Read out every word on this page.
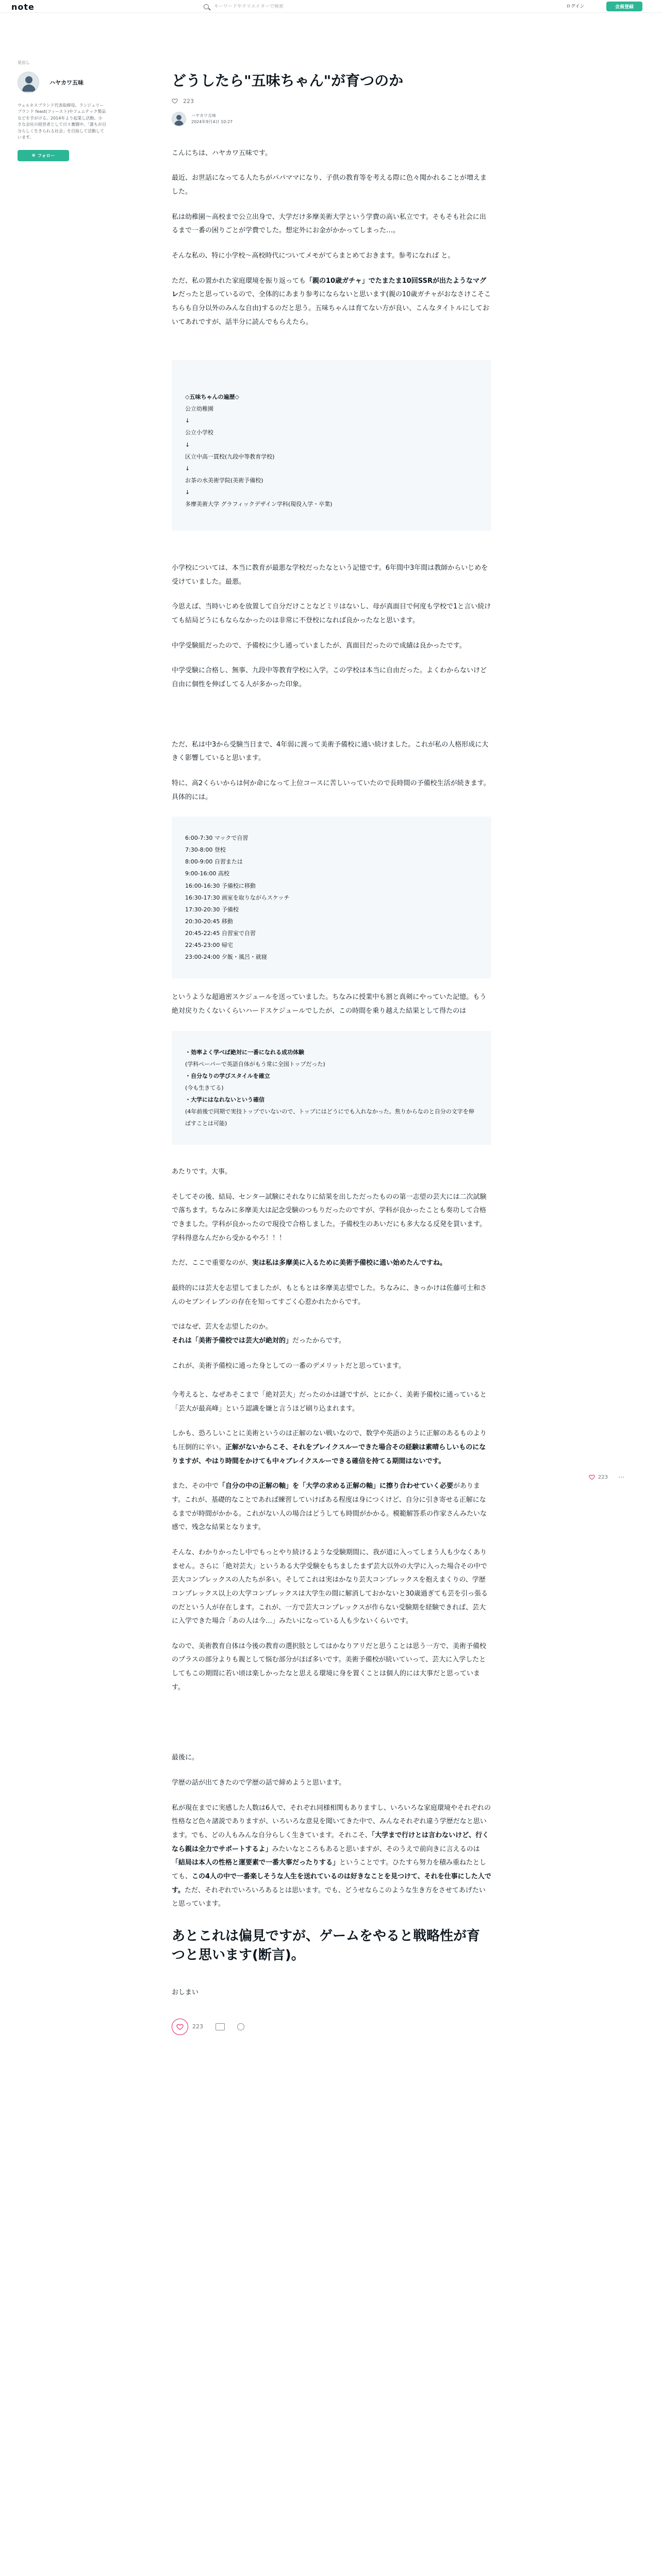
note
キーワードやクリエイターで検索	ログイン	会員登録
見出し
ハヤカワ五味
ウェルネスブランド代表取締役。ランジェリーブランド feast(フィースト)やフェムテック製品などを手がける。2014年より起業し活動。小さな会社の経営者として日々奮闘中。「誰もが自分らしく生きられる社会」を目指して活動しています。
⊕ フォロー
どうしたら"五味ちゃん"が育つのか
223
ハヤカワ五味
2024年9月4日 10:27

こんにちは、ハヤカワ五味です。

最近、お世話になってる人たちがパパママになり、子供の教育等を考える際に色々聞かれることが増えました。

私は幼稚園〜高校まで公立出身で、大学だけ多摩美術大学という学費の高い私立です。そもそも社会に出るまで一番の困りごとが学費でした。想定外にお金がかかってしまった…。

そんな私の、特に小学校〜高校時代についてメモがてらまとめておきます。参考になれば と。

ただ、私の置かれた家庭環境を振り返っても「親の10歳ガチャ」でたまたま10回SSRが出たようなマグレだったと思っているので、全体的にあまり参考にならないと思います(親の10歳ガチャがおなさけこそこちらも自分以外のみんな自由)するのだと思う。五味ちゃんは育てない方が良い、こんなタイトルにしておいてあれですが、話半分に読んでもらえたら。

◇五味ちゃんの遍歴◇
公立幼稚園
↓
公立小学校
↓
区立中高一貫校(九段中等教育学校)
↓
お茶の水美術学院(美術予備校)
↓
多摩美術大学 グラフィックデザイン学科(現役入学・卒業)

小学校については、本当に教育が最悪な学校だったなという記憶です。6年間中3年間は教師からいじめを受けていました。最悪。

今思えば、当時いじめを放置して自分だけことなどミリはないし、母が真面目で何度も学校で1と言い続けても結局どうにもならなかったのは非常に不登校になれば良かったなと思います。

中学受験組だったので、予備校に少し通っていましたが、真面目だったので成績は良かったです。

中学受験に合格し、無事、九段中等教育学校に入学。この学校は本当に自由だった。よくわからないけど自由に個性を伸ばしてる人が多かった印象。

ただ、私は中3から受験当日まで、4年弱に渡って美術予備校に通い続けました。これが私の人格形成に大きく影響していると思います。

特に、高2くらいからは何か命になって上位コースに苦しいっていたので長時間の予備校生活が続きます。具体的には。

6:00-7:30 マックで自習
7:30-8:00 登校
8:00-9:00 自習または
9:00-16:00 高校
16:00-16:30 予備校に移動
16:30-17:30 画室を取りながらスケッチ
17:30-20:30 予備校
20:30-20:45 移動
20:45-22:45 自習室で自習
22:45-23:00 帰宅
23:00-24:00 夕飯・風呂・就寝

というような超過密スケジュールを送っていました。ちなみに授業中も割と真剣にやっていた記憶。もう絶対戻りたくないくらいハードスケジュールでしたが、この時間を乗り越えた結果として得たのは

・効率よく学べば絶対に一番になれる成功体験
(学科ペーパーで英語自体がもう常に全国トップだった)
・自分なりの学びスタイルを確立
(今も生きてる)
・大学にはなれないという確信
(4年前後で同期で実技トップでいないので、トップにはどうにでも入れなかった。焦りからなのと自分の文字を伸ばすことは可能)

あたりです。大事。

そしてその後、結局、センター試験にそれなりに結果を出しただったものの第一志望の芸大には二次試験で落ちます。ちなみに多摩美大は記念受験のつもりだったのですが、学科が良かったことも奏功して合格できました。学科が良かったので現役で合格しました。予備校生のあいだにも多大なる反発を買います。学科得意なんだから受かるやろ！！！

ただ、ここで重要なのが、実は私は多摩美に入るために美術予備校に通い始めたんですね。

最終的には芸大を志望してましたが、もともとは多摩美志望でした。ちなみに、きっかけは佐藤可士和さんのセブンイレブンの存在を知ってすごく心惹かれたからです。

ではなぜ、芸大を志望したのか。
それは「美術予備校では芸大が絶対的」だったからです。

これが、美術予備校に通った身としての一番のデメリットだと思っています。

今考えると、なぜあそこまで「絶対芸大」だったのかは謎ですが、とにかく、美術予備校に通っていると「芸大が最高峰」という認識を嫌と言うほど刷り込まれます。

しかも、恐ろしいことに美術というのは正解のない戦いなので、数学や英語のように正解のあるものよりも圧倒的に辛い。正解がないからこそ、それをブレイクスルーできた場合その経験は素晴らしいものになりますが、やはり時間をかけても中々ブレイクスルーできる確信を持てる期間はないです。

また、その中で「自分の中の正解の軸」を「大学の求める正解の軸」に擦り合わせていく必要があります。これが、基礎的なことであれば練習していけばある程度は身につくけど、自分に引き寄せる正解になるまでが時間がかかる。これがない人の場合はどうしても時間がかかる。模範解答系の作家さんみたいな感で、残念な結果となります。

そんな、わかりかったし中でもっとやり続けるような受験期間に、我が道に入ってしまう人も少なくありません。さらに「絶対芸大」というある大学受験をもちましたまず芸大以外の大学に入った場合その中で芸大コンプレックスの人たちが多い。そしてこれは実はかなり芸大コンプレックスを抱えまくりの、学歴コンプレックス以上の大学コンプレックスは大学生の間に解消しておかないと30歳過ぎても芸を引っ張るのだという人が存在します。これが、一方で芸大コンプレックスが作らない受験期を経験できれば、芸大に入学できた場合「あの人は今…」みたいになっている人も少ないくらいです。

なので、美術教育自体は今後の教育の選択肢としてはかなりアリだと思うことは思う一方で、美術予備校のプラスの部分よりも親として悩む部分がほぼ多いです。美術予備校が続いていって、芸大に入学したとしてもこの期間に若い頃は楽しかったなと思える環境に身を置くことは個人的には大事だと思っています。

最後に。

学歴の話が出てきたので学歴の話で締めようと思います。

私が現在までに実感した人数は6人で、それぞれ同様相関もありますし、いろいろな家庭環境やそれぞれの性格など色々諸説でありますが、いろいろな意見を聞いてきた中で、みんなそれぞれ違う学歴だなと思います。でも、どの人もみんな自分らしく生きています。それこそ、「大学まで行けとは言わないけど、行くなら親は全力でサポートするよ」みたいなところもあると思いますが、そのうえで前向きに言えるのは「結局は本人の性格と運要素で一番大事だったりする」ということです。ひたすら努力を積み重ねたとしても、この4人の中で一番楽しそうな人生を送れているのは好きなことを見つけて、それを仕事にした人です。ただ、それぞれでいろいろあるとは思います。でも、どうせならこのような生き方をさせてあげたいと思っています。

あとこれは偏見ですが、ゲームをやると戦略性が育つと思います(断言)。

おしまい

223
223 ⋯
